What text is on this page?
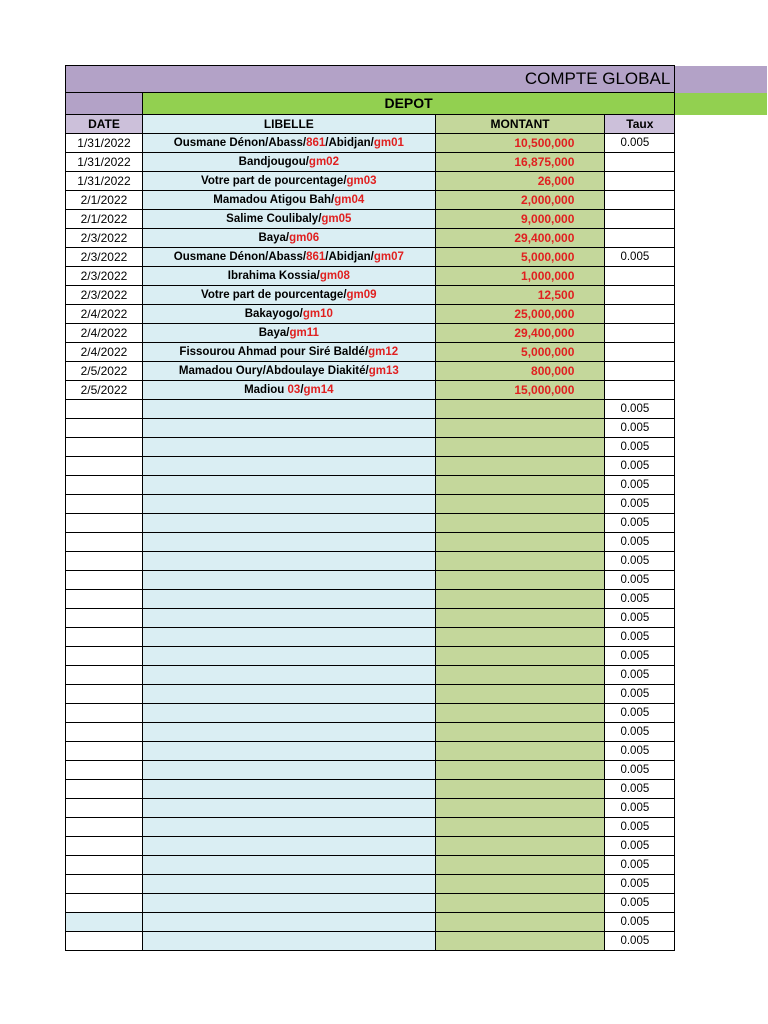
COMPTE GLOBAL				
	DEPOT			
DATE	LIBELLE	MONTANT	Taux	
1/31/2022	Ousmane Dénon/Abass/861/Abidjan/gm01	10,500,000	0.005	
1/31/2022	Bandjougou/gm02	16,875,000		
1/31/2022	Votre part de pourcentage/gm03	26,000		
2/1/2022	Mamadou Atigou Bah/gm04	2,000,000		
2/1/2022	Salime Coulibaly/gm05	9,000,000		
2/3/2022	Baya/gm06	29,400,000		
2/3/2022	Ousmane Dénon/Abass/861/Abidjan/gm07	5,000,000	0.005	
2/3/2022	Ibrahima Kossia/gm08	1,000,000		
2/3/2022	Votre part de pourcentage/gm09	12,500		
2/4/2022	Bakayogo/gm10	25,000,000		
2/4/2022	Baya/gm11	29,400,000		
2/4/2022	Fissourou Ahmad pour Siré Baldé/gm12	5,000,000		
2/5/2022	Mamadou Oury/Abdoulaye Diakité/gm13	800,000		
2/5/2022	Madiou 03/gm14	15,000,000		
			0.005	
			0.005	
			0.005	
			0.005	
			0.005	
			0.005	
			0.005	
			0.005	
			0.005	
			0.005	
			0.005	
			0.005	
			0.005	
			0.005	
			0.005	
			0.005	
			0.005	
			0.005	
			0.005	
			0.005	
			0.005	
			0.005	
			0.005	
			0.005	
			0.005	
			0.005	
			0.005	
			0.005	
			0.005	
